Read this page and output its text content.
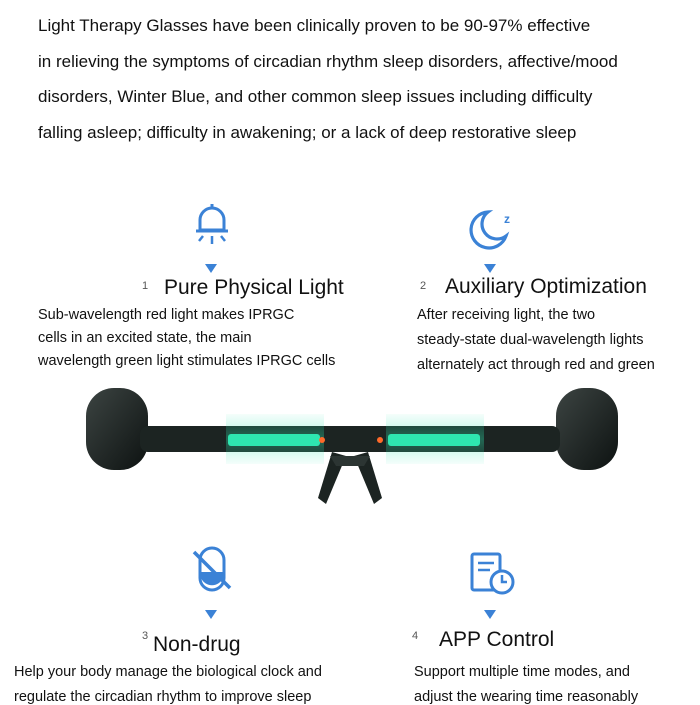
Light Therapy Glasses have been clinically proven to be 90-97% effective
in relieving the symptoms of circadian rhythm sleep disorders, affective/mood
disorders, Winter Blue, and other common sleep issues including difficulty
falling asleep; difficulty in awakening; or a lack of deep restorative sleep
1 Pure Physical Light
Sub-wavelength red light makes IPRGC
cells in an excited state, the main
wavelength green light stimulates IPRGC cells
z
2 Auxiliary Optimization
After receiving light, the two
steady-state dual-wavelength lights
alternately act through red and green
3 Non-drug
Help your body manage the biological clock and
regulate the circadian rhythm to improve sleep
4 APP Control
Support multiple time modes, and
adjust the wearing time reasonably
